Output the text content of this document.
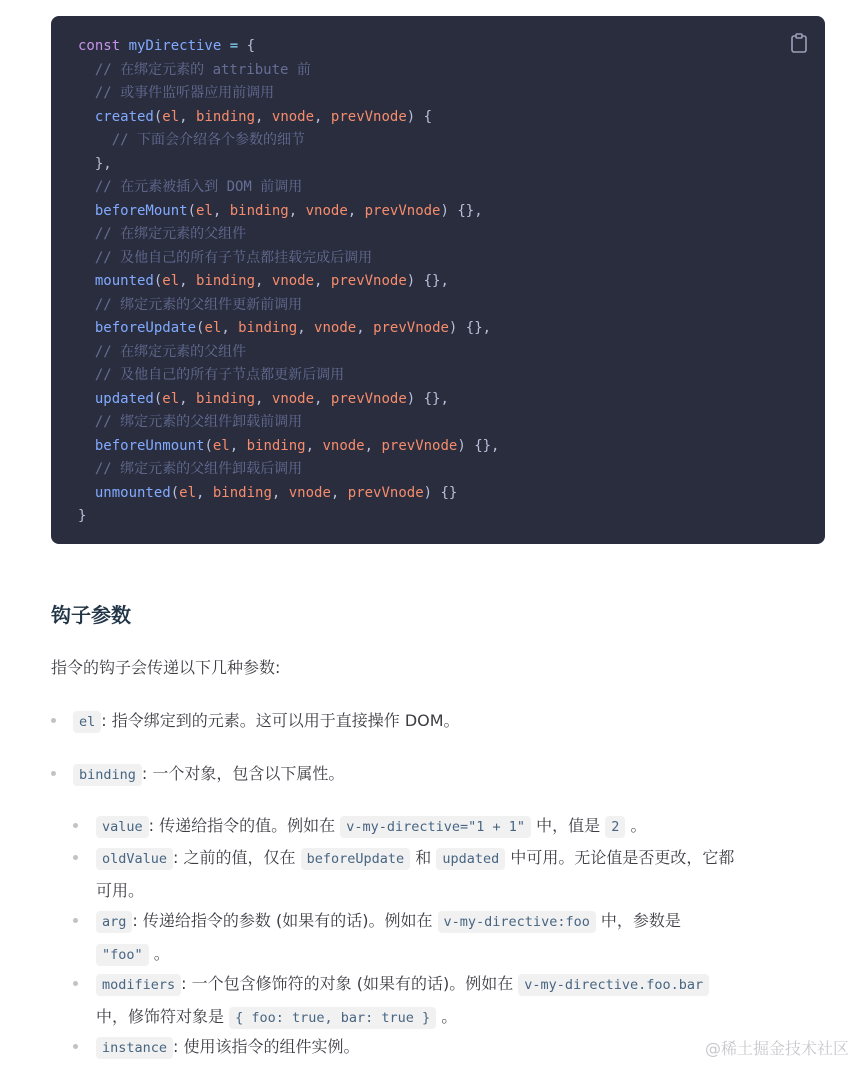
const myDirective = {
// 在绑定元素的 attribute 前
// 或事件监听器应用前调用
created(el, binding, vnode, prevVnode) {
// 下面会介绍各个参数的细节
},
// 在元素被插入到 DOM 前调用
beforeMount(el, binding, vnode, prevVnode) {},
// 在绑定元素的父组件
// 及他自己的所有子节点都挂载完成后调用
mounted(el, binding, vnode, prevVnode) {},
// 绑定元素的父组件更新前调用
beforeUpdate(el, binding, vnode, prevVnode) {},
// 在绑定元素的父组件
// 及他自己的所有子节点都更新后调用
updated(el, binding, vnode, prevVnode) {},
// 绑定元素的父组件卸载前调用
beforeUnmount(el, binding, vnode, prevVnode) {},
// 绑定元素的父组件卸载后调用
unmounted(el, binding, vnode, prevVnode) {}
}
钩子参数

指令的钩子会传递以下几种参数:

el : 指令绑定到的元素。这可以用于直接操作 DOM。
binding : 一个对象，包含以下属性。
value : 传递给指令的值。例如在 v-my-directive="1 + 1" 中，值是 2 。
oldValue : 之前的值，仅在 beforeUpdate 和 updated 中可用。无论值是否更改，它都
可用。
arg : 传递给指令的参数 (如果有的话)。例如在 v-my-directive:foo 中，参数是
"foo" 。
modifiers : 一个包含修饰符的对象 (如果有的话)。例如在 v-my-directive.foo.bar
中，修饰符对象是 { foo: true, bar: true } 。
instance : 使用该指令的组件实例。	@稀土掘金技术社区
